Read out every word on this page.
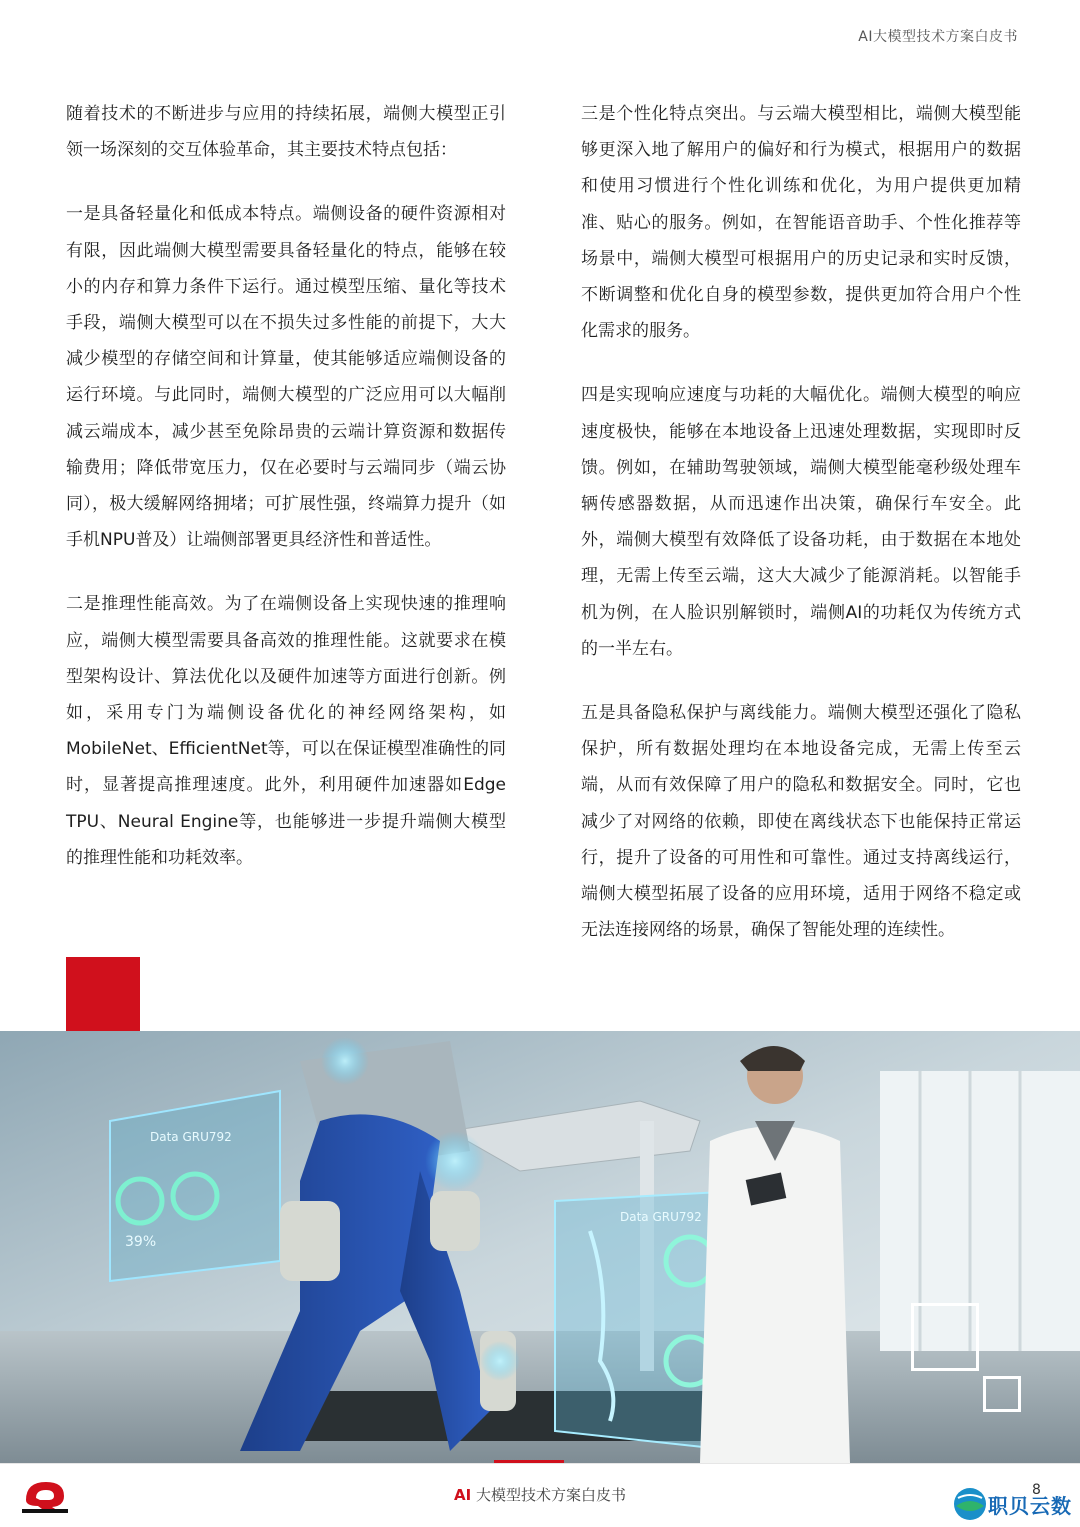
AI大模型技术方案白皮书

随着技术的不断进步与应用的持续拓展，端侧大模型正引领一场深刻的交互体验革命，其主要技术特点包括：

一是具备轻量化和低成本特点。端侧设备的硬件资源相对有限，因此端侧大模型需要具备轻量化的特点，能够在较小的内存和算力条件下运行。通过模型压缩、量化等技术手段，端侧大模型可以在不损失过多性能的前提下，大大减少模型的存储空间和计算量，使其能够适应端侧设备的运行环境。与此同时，端侧大模型的广泛应用可以大幅削减云端成本，减少甚至免除昂贵的云端计算资源和数据传输费用；降低带宽压力，仅在必要时与云端同步（端云协同），极大缓解网络拥堵；可扩展性强，终端算力提升（如手机NPU普及）让端侧部署更具经济性和普适性。

二是推理性能高效。为了在端侧设备上实现快速的推理响应，端侧大模型需要具备高效的推理性能。这就要求在模型架构设计、算法优化以及硬件加速等方面进行创新。例如，采用专门为端侧设备优化的神经网络架构，如MobileNet、EfficientNet等，可以在保证模型准确性的同时，显著提高推理速度。此外，利用硬件加速器如Edge TPU、Neural Engine等，也能够进一步提升端侧大模型的推理性能和功耗效率。

三是个性化特点突出。与云端大模型相比，端侧大模型能够更深入地了解用户的偏好和行为模式，根据用户的数据和使用习惯进行个性化训练和优化，为用户提供更加精准、贴心的服务。例如，在智能语音助手、个性化推荐等场景中，端侧大模型可根据用户的历史记录和实时反馈，不断调整和优化自身的模型参数，提供更加符合用户个性化需求的服务。

四是实现响应速度与功耗的大幅优化。端侧大模型的响应速度极快，能够在本地设备上迅速处理数据，实现即时反馈。例如，在辅助驾驶领域，端侧大模型能毫秒级处理车辆传感器数据，从而迅速作出决策，确保行车安全。此外，端侧大模型有效降低了设备功耗，由于数据在本地处理，无需上传至云端，这大大减少了能源消耗。以智能手机为例，在人脸识别解锁时，端侧AI的功耗仅为传统方式的一半左右。

五是具备隐私保护与离线能力。端侧大模型还强化了隐私保护，所有数据处理均在本地设备完成，无需上传至云端，从而有效保障了用户的隐私和数据安全。同时，它也减少了对网络的依赖，即使在离线状态下也能保持正常运行，提升了设备的可用性和可靠性。通过支持离线运行，端侧大模型拓展了设备的应用环境，适用于网络不稳定或无法连接网络的场景，确保了智能处理的连续性。

Data GRU792
39%
Data GRU792
AI 大模型技术方案白皮书	职贝云数
8
